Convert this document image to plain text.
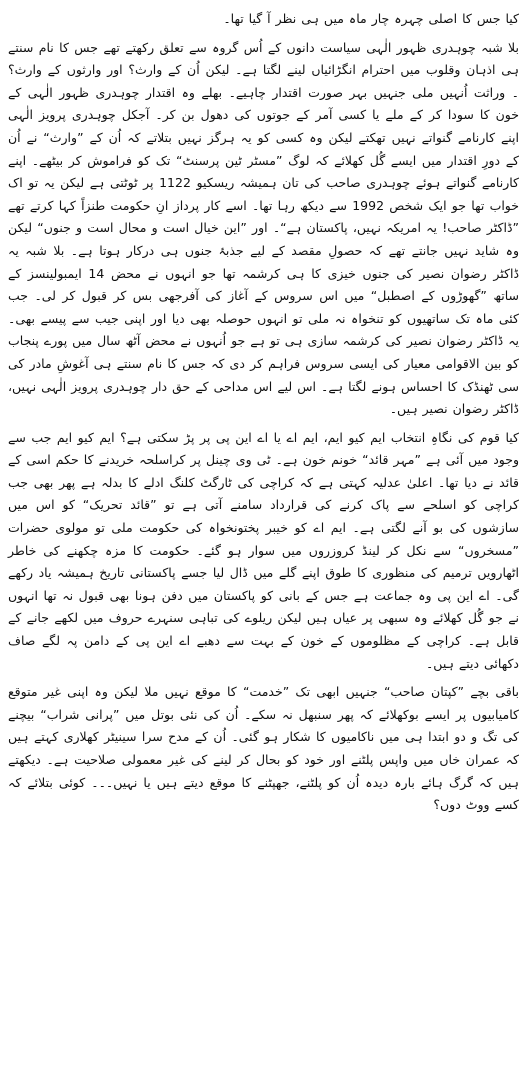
کیا جس کا اصلی چہرہ چار ماہ میں ہی نظر آ گیا تھا۔

بلا شبہ چوہدری ظہور الٰہی سیاست دانوں کے اُس گروہ سے تعلق رکھتے تھے جس کا نام سنتے ہی اذہان وقلوب میں احترام انگڑائیاں لینے لگتا ہے۔ لیکن اُن کے وارث؟ اور وارثوں کے وارث؟ ۔ وراثت اُنہیں ملی جنہیں بہر صورت اقتدار چاہیے۔ بھلے وہ اقتدار چوہدری ظہور الٰہی کے خون کا سودا کر کے ملے یا کسی آمر کے جوتوں کی دھول بن کر۔ آجکل چوہدری پرویز الٰہی اپنے کارنامے گنواتے نہیں تھکتے لیکن وہ کسی کو یہ ہرگز نہیں بتلاتے کہ اُن کے ”وارث“ نے اُن کے دورِ اقتدار میں ایسے گُل کھلائے کہ لوگ ”مسٹر ٹین پرسنٹ“ تک کو فراموش کر بیٹھے۔ اپنے کارنامے گنواتے ہوئے چوہدری صاحب کی تان ہمیشہ ریسکیو 1122 پر ٹوٹتی ہے لیکن یہ تو اک خواب تھا جو ایک شخص 1992 سے دیکھ رہا تھا۔ اسے کار پرداز انِ حکومت طنزاً کہا کرتے تھے ”ڈاکٹر صاحب! یہ امریکہ نہیں، پاکستان ہے“۔ اور ”این خیال است و محال است و جنوں“ لیکن وہ شاید نہیں جانتے تھے کہ حصولِ مقصد کے لیے جذبۂ جنوں ہی درکار ہوتا ہے۔ بلا شبہ یہ ڈاکٹر رضوان نصیر کی جنوں خیزی کا ہی کرشمہ تھا جو انہوں نے محض 14 ایمبولینسز کے ساتھ ”گھوڑوں کے اصطبل“ میں اس سروس کے آغاز کی آفرجھی بس کر قبول کر لی۔ جب کئی ماہ تک ساتھیوں کو تنخواہ نہ ملی تو انہوں حوصلہ بھی دیا اور اپنی جیب سے پیسے بھی۔ یہ ڈاکٹر رضوان نصیر کی کرشمہ سازی ہی تو ہے جو اُنہوں نے محض آٹھ سال میں پورے پنجاب کو بین الاقوامی معیار کی ایسی سروس فراہم کر دی کہ جس کا نام سنتے ہی آغوشِ مادر کی سی ٹھنڈک کا احساس ہونے لگتا ہے۔ اس لیے اس مداحی کے حق دار چوہدری پرویز الٰہی نہیں، ڈاکٹر رضوان نصیر ہیں۔

کیا قوم کی نگاہِ انتخاب ایم کیو ایم، ایم اے یا اے این پی پر پڑ سکتی ہے؟ ایم کیو ایم جب سے وجود میں آئی ہے ”مہر قائد“ خونم خون ہے۔ ٹی وی چینل پر کراسلحہ خریدنے کا حکم اسی کے قائد نے دیا تھا۔ اعلیٰ عدلیہ کہتی ہے کہ کراچی کی ٹارگٹ کلنگ ادلے کا بدلہ ہے پھر بھی جب کراچی کو اسلحے سے پاک کرنے کی قرارداد سامنے آتی ہے تو ”قائد تحریک“ کو اس میں سازشوں کی بو آنے لگتی ہے۔ ایم اے کو خیبر پختونخواہ کی حکومت ملی تو مولوی حضرات ”مسخروں“ سے نکل کر لینڈ کروزروں میں سوار ہو گئے۔ حکومت کا مزہ چکھنے کی خاطر اٹھارویں ترمیم کی منظوری کا طوق اپنے گلے میں ڈال لیا جسے پاکستانی تاریخ ہمیشہ یاد رکھے گی۔ اے این پی وہ جماعت ہے جس کے بانی کو پاکستان میں دفن ہونا بھی قبول نہ تھا انہوں نے جو گُل کھلائے وہ سبھی پر عیاں ہیں لیکن ریلوے کی تباہی سنہرے حروف میں لکھے جانے کے قابل ہے۔ کراچی کے مظلوموں کے خون کے بہت سے دھبے اے این پی کے دامن پہ لگے صاف دکھائی دیتے ہیں۔

باقی بچے ”کپتان صاحب“ جنہیں ابھی تک ”خدمت“ کا موقع نہیں ملا لیکن وہ اپنی غیر متوقع کامیابیوں پر ایسے بوکھلائے کہ پھر سنبھل نہ سکے۔ اُن کی نئی بوتل میں ”پرانی شراب“ بیچنے کی تگ و دو ابتدا ہی میں ناکامیوں کا شکار ہو گئی۔ اُن کے مدح سرا سینیٹر کھلاری کہتے ہیں کہ عمران خاں میں واپس پلٹنے اور خود کو بحال کر لینے کی غیر معمولی صلاحیت ہے۔ دیکھتے ہیں کہ گرگ ہائے بارہ دیدہ اُن کو پلٹنے، جھپٹنے کا موقع دیتے ہیں یا نہیں۔۔۔ کوئی بتلائے کہ کسے ووٹ دوں؟
